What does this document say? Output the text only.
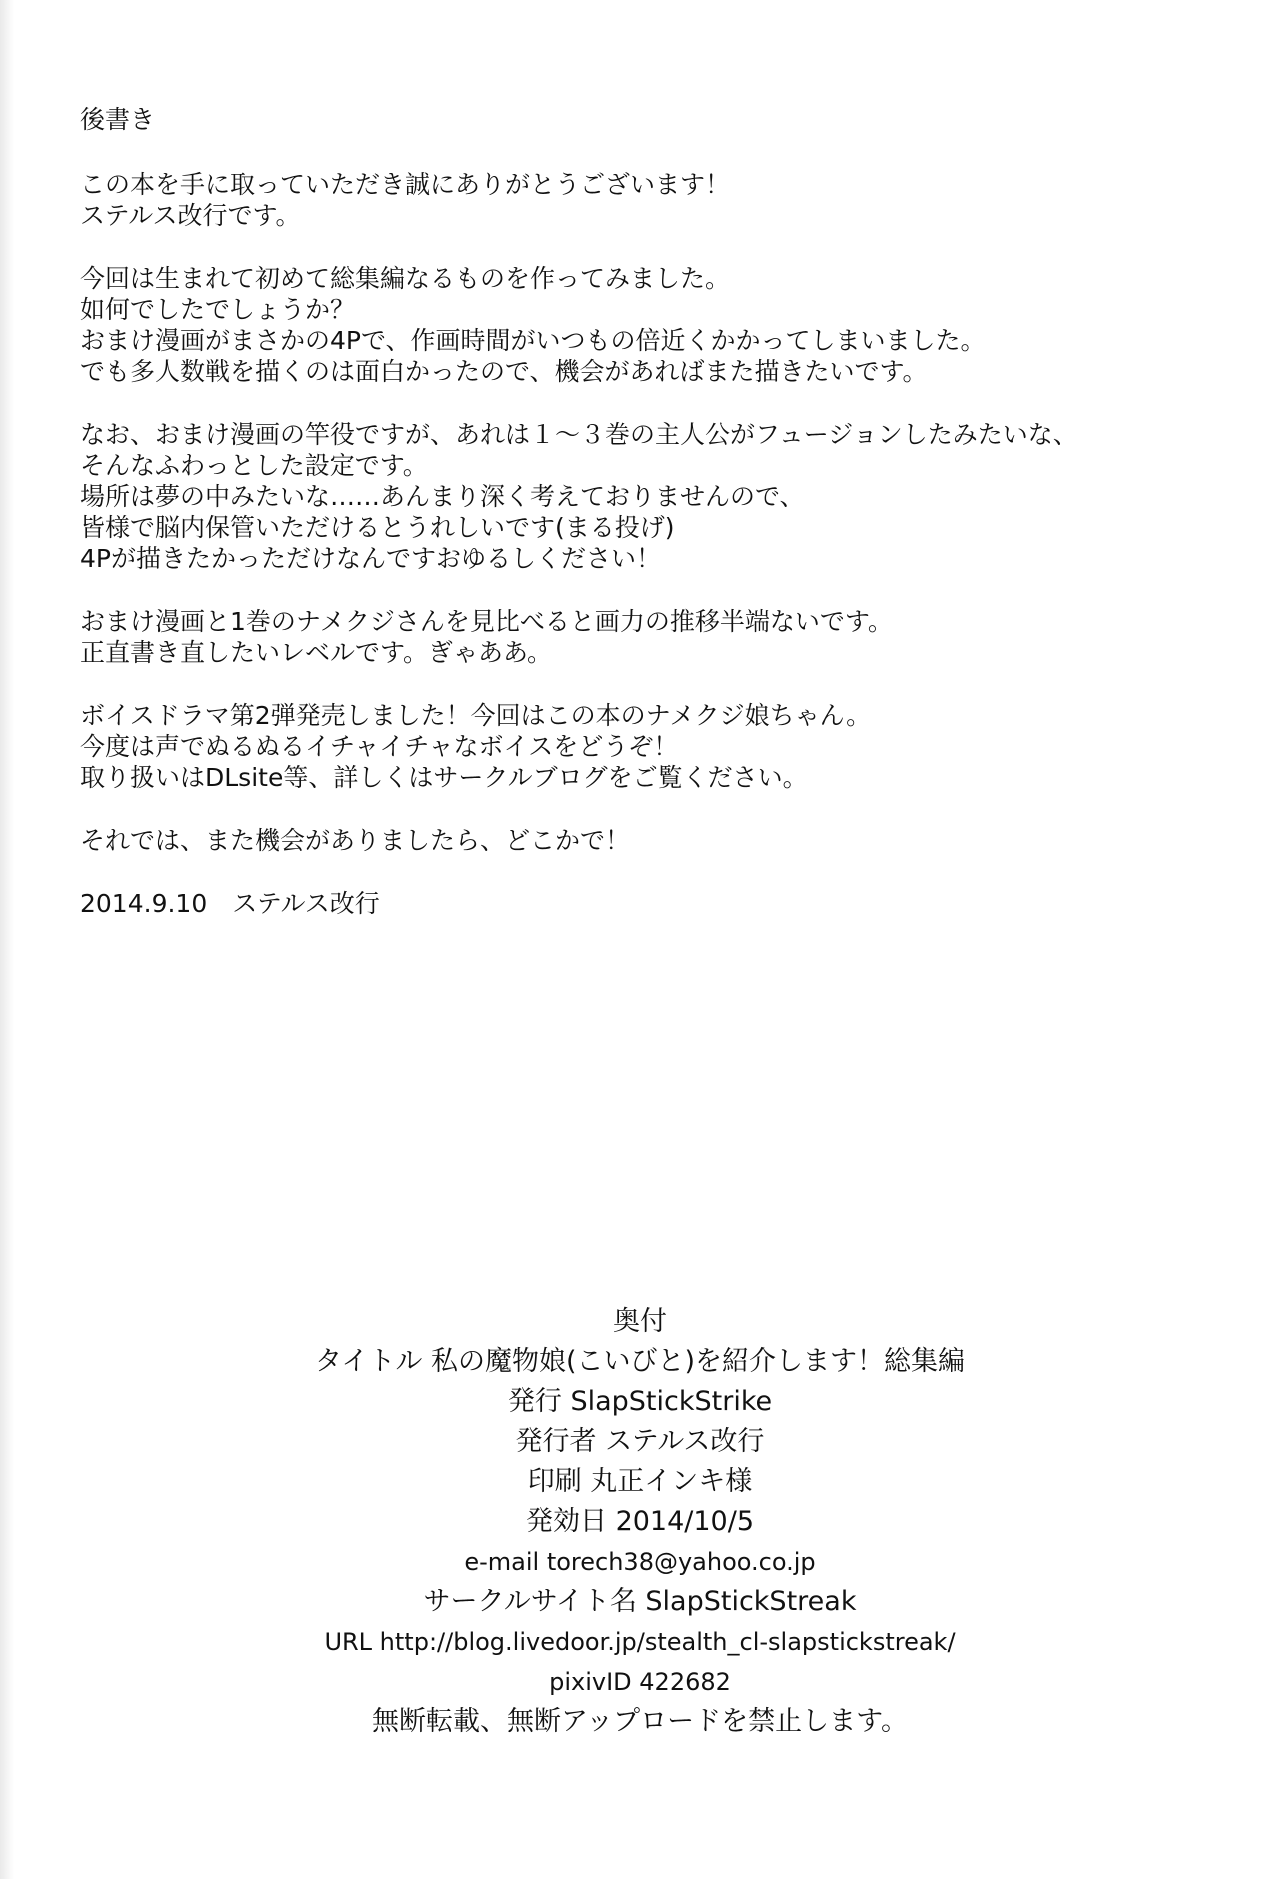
後書き

この本を手に取っていただき誠にありがとうございます！

ステルス改行です。

今回は生まれて初めて総集編なるものを作ってみました。

如何でしたでしょうか？

おまけ漫画がまさかの4Pで、作画時間がいつもの倍近くかかってしまいました。

でも多人数戦を描くのは面白かったので、機会があればまた描きたいです。

なお、おまけ漫画の竿役ですが、あれは１～３巻の主人公がフュージョンしたみたいな、

そんなふわっとした設定です。

場所は夢の中みたいな……あんまり深く考えておりませんので、

皆様で脳内保管いただけるとうれしいです(まる投げ)

4Pが描きたかっただけなんですおゆるしください！

おまけ漫画と1巻のナメクジさんを見比べると画力の推移半端ないです。

正直書き直したいレベルです。ぎゃああ。

ボイスドラマ第2弾発売しました！今回はこの本のナメクジ娘ちゃん。

今度は声でぬるぬるイチャイチャなボイスをどうぞ！

取り扱いはDLsite等、詳しくはサークルブログをご覧ください。

それでは、また機会がありましたら、どこかで！

2014.9.10　ステルス改行

奥付

タイトル 私の魔物娘(こいびと)を紹介します！総集編

発行 SlapStickStrike

発行者 ステルス改行

印刷 丸正インキ様

発効日 2014/10/5

e-mail torech38@yahoo.co.jp

サークルサイト名 SlapStickStreak

URL http://blog.livedoor.jp/stealth_cl-slapstickstreak/

pixivID 422682

無断転載、無断アップロードを禁止します。
